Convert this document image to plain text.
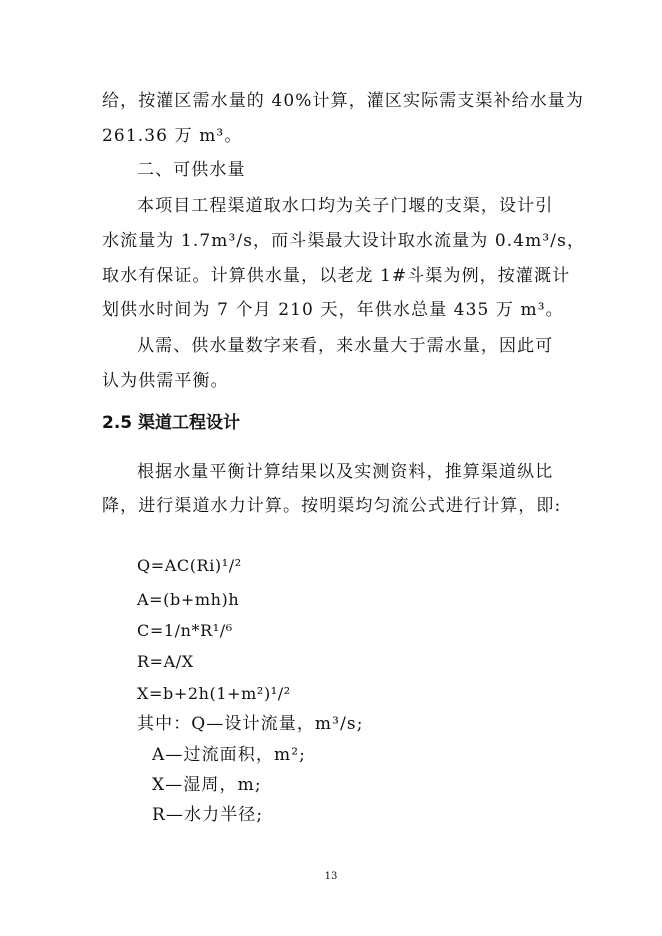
给，按灌区需水量的 40%计算，灌区实际需支渠补给水量为
261.36 万 m³。
二、可供水量
本项目工程渠道取水口均为关子门堰的支渠，设计引
水流量为 1.7m³/s，而斗渠最大设计取水流量为 0.4m³/s，
取水有保证。计算供水量，以老龙 1#斗渠为例，按灌溉计
划供水时间为 7 个月 210 天，年供水总量 435 万 m³。
从需、供水量数字来看，来水量大于需水量，因此可
认为供需平衡。
2.5 渠道工程设计
根据水量平衡计算结果以及实测资料，推算渠道纵比
降，进行渠道水力计算。按明渠均匀流公式进行计算，即:
Q=AC(Ri)¹/²
A=(b+mh)h
C=1/n*R¹/⁶
R=A/X
X=b+2h(1+m²)¹/²
其中：Q—设计流量，m³/s;
A—过流面积，m²;
X—湿周，m;
R—水力半径;
13
